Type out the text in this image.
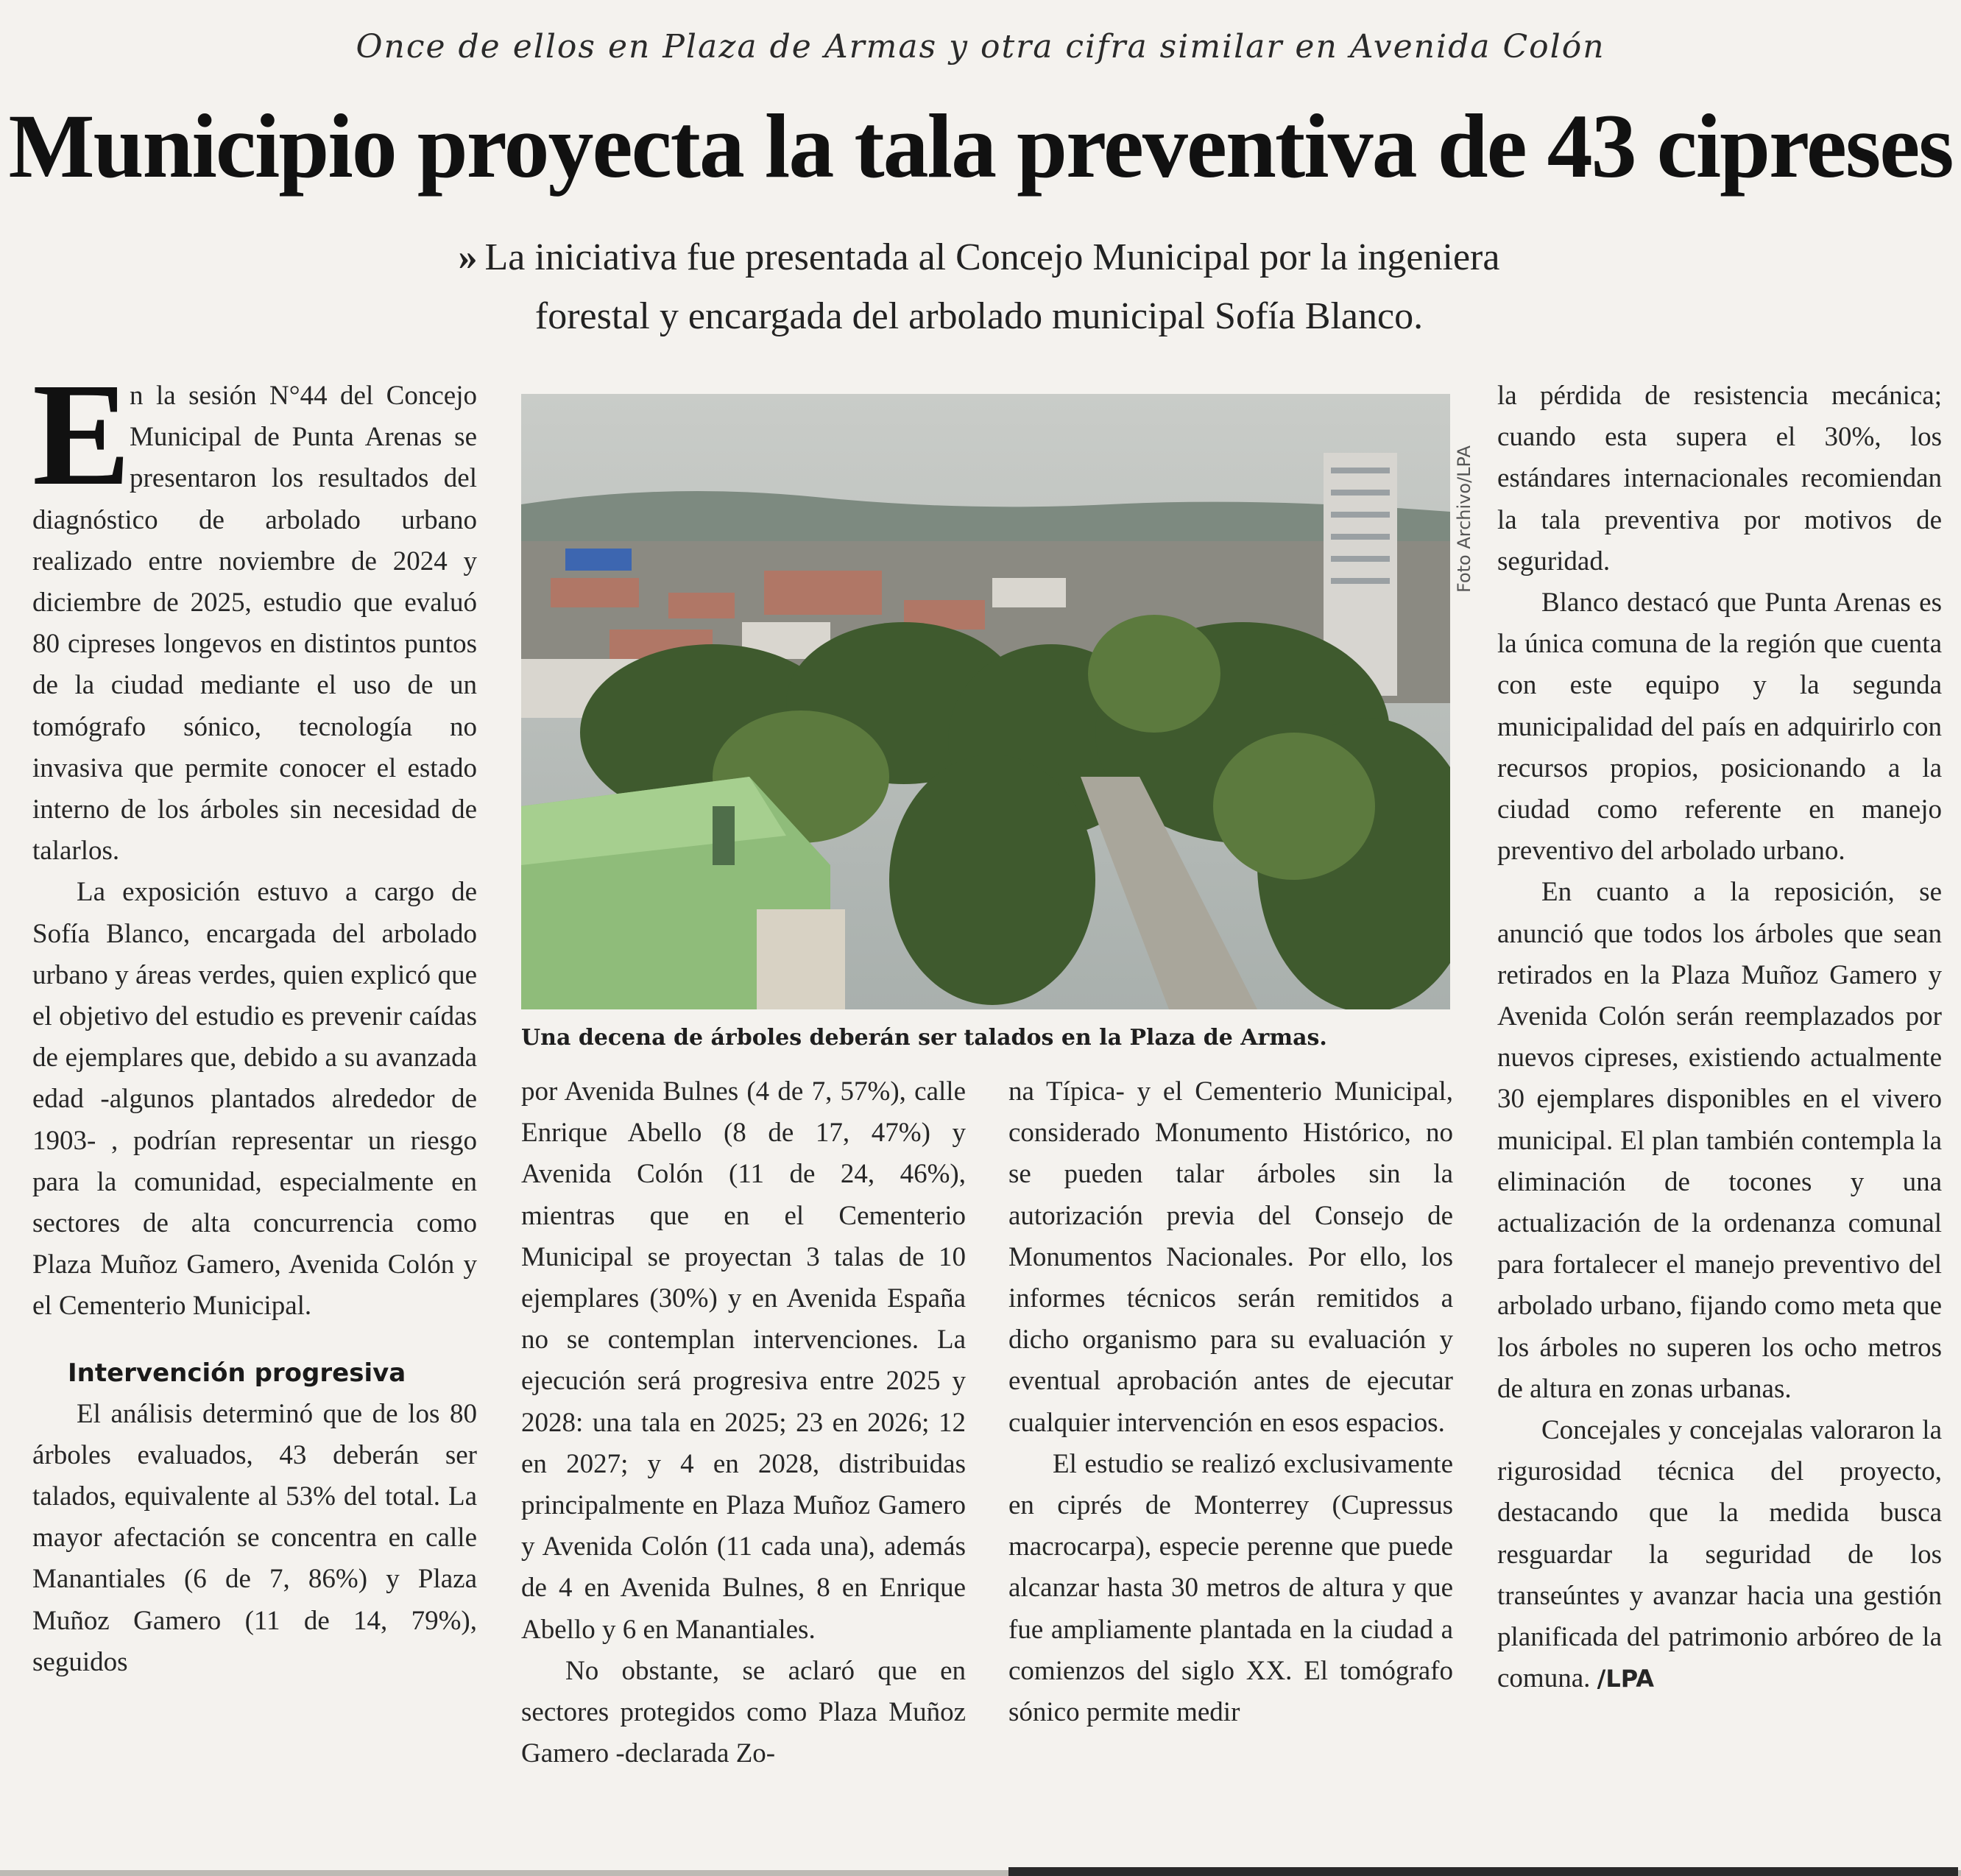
Once de ellos en Plaza de Armas y otra cifra similar en Avenida Colón
Municipio proyecta la tala preventiva de 43 cipreses
» La iniciativa fue presentada al Concejo Municipal por la ingeniera
forestal y encargada del arbolado municipal Sofía Blanco.

E
n la sesión N°44 del Concejo Municipal de Punta Arenas se presentaron los resultados del diagnóstico de arbolado urbano realizado entre noviembre de 2024 y diciembre de 2025, estudio que evaluó 80 cipreses longevos en distintos puntos de la ciudad mediante el uso de un tomógrafo sónico, tecnología no invasiva que permite conocer el estado interno de los árboles sin necesidad de talarlos.

La exposición estuvo a cargo de Sofía Blanco, encargada del arbolado urbano y áreas verdes, quien explicó que el objetivo del estudio es prevenir caídas de ejemplares que, debido a su avanzada edad -algunos plantados alrededor de 1903- , podrían representar un riesgo para la comunidad, especialmente en sectores de alta concurrencia como Plaza Muñoz Gamero, Avenida Colón y el Cementerio Municipal.

Intervención progresiva

El análisis determinó que de los 80 árboles evaluados, 43 deberán ser talados, equivalente al 53% del total. La mayor afectación se concentra en calle Manantiales (6 de 7, 86%) y Plaza Muñoz Gamero (11 de 14, 79%), seguidos

Foto Archivo/LPA
Una decena de árboles deberán ser talados en la Plaza de Armas.

por Avenida Bulnes (4 de 7, 57%), calle Enrique Abello (8 de 17, 47%) y Avenida Colón (11 de 24, 46%), mientras que en el Cementerio Municipal se proyectan 3 talas de 10 ejemplares (30%) y en Avenida España no se contemplan intervenciones. La ejecución será progresiva entre 2025 y 2028: una tala en 2025; 23 en 2026; 12 en 2027; y 4 en 2028, distribuidas principalmente en Plaza Muñoz Gamero y Avenida Colón (11 cada una), además de 4 en Avenida Bulnes, 8 en Enrique Abello y 6 en Manantiales.

No obstante, se aclaró que en sectores protegidos como Plaza Muñoz Gamero -declarada Zo-

na Típica- y el Cementerio Municipal, considerado Monumento Histórico, no se pueden talar árboles sin la autorización previa del Consejo de Monumentos Nacionales. Por ello, los informes técnicos serán remitidos a dicho organismo para su evaluación y eventual aprobación antes de ejecutar cualquier intervención en esos espacios.

El estudio se realizó exclusivamente en ciprés de Monterrey (Cupressus macrocarpa), especie perenne que puede alcanzar hasta 30 metros de altura y que fue ampliamente plantada en la ciudad a comienzos del siglo XX. El tomógrafo sónico permite medir

la pérdida de resistencia mecánica; cuando esta supera el 30%, los estándares internacionales recomiendan la tala preventiva por motivos de seguridad.

Blanco destacó que Punta Arenas es la única comuna de la región que cuenta con este equipo y la segunda municipalidad del país en adquirirlo con recursos propios, posicionando a la ciudad como referente en manejo preventivo del arbolado urbano.

En cuanto a la reposición, se anunció que todos los árboles que sean retirados en la Plaza Muñoz Gamero y Avenida Colón serán reemplazados por nuevos cipreses, existiendo actualmente 30 ejemplares disponibles en el vivero municipal. El plan también contempla la eliminación de tocones y una actualización de la ordenanza comunal para fortalecer el manejo preventivo del arbolado urbano, fijando como meta que los árboles no superen los ocho metros de altura en zonas urbanas.

Concejales y concejalas valoraron la rigurosidad técnica del proyecto, destacando que la medida busca resguardar la seguridad de los transeúntes y avanzar hacia una gestión planificada del patrimonio arbóreo de la comuna. /LPA
